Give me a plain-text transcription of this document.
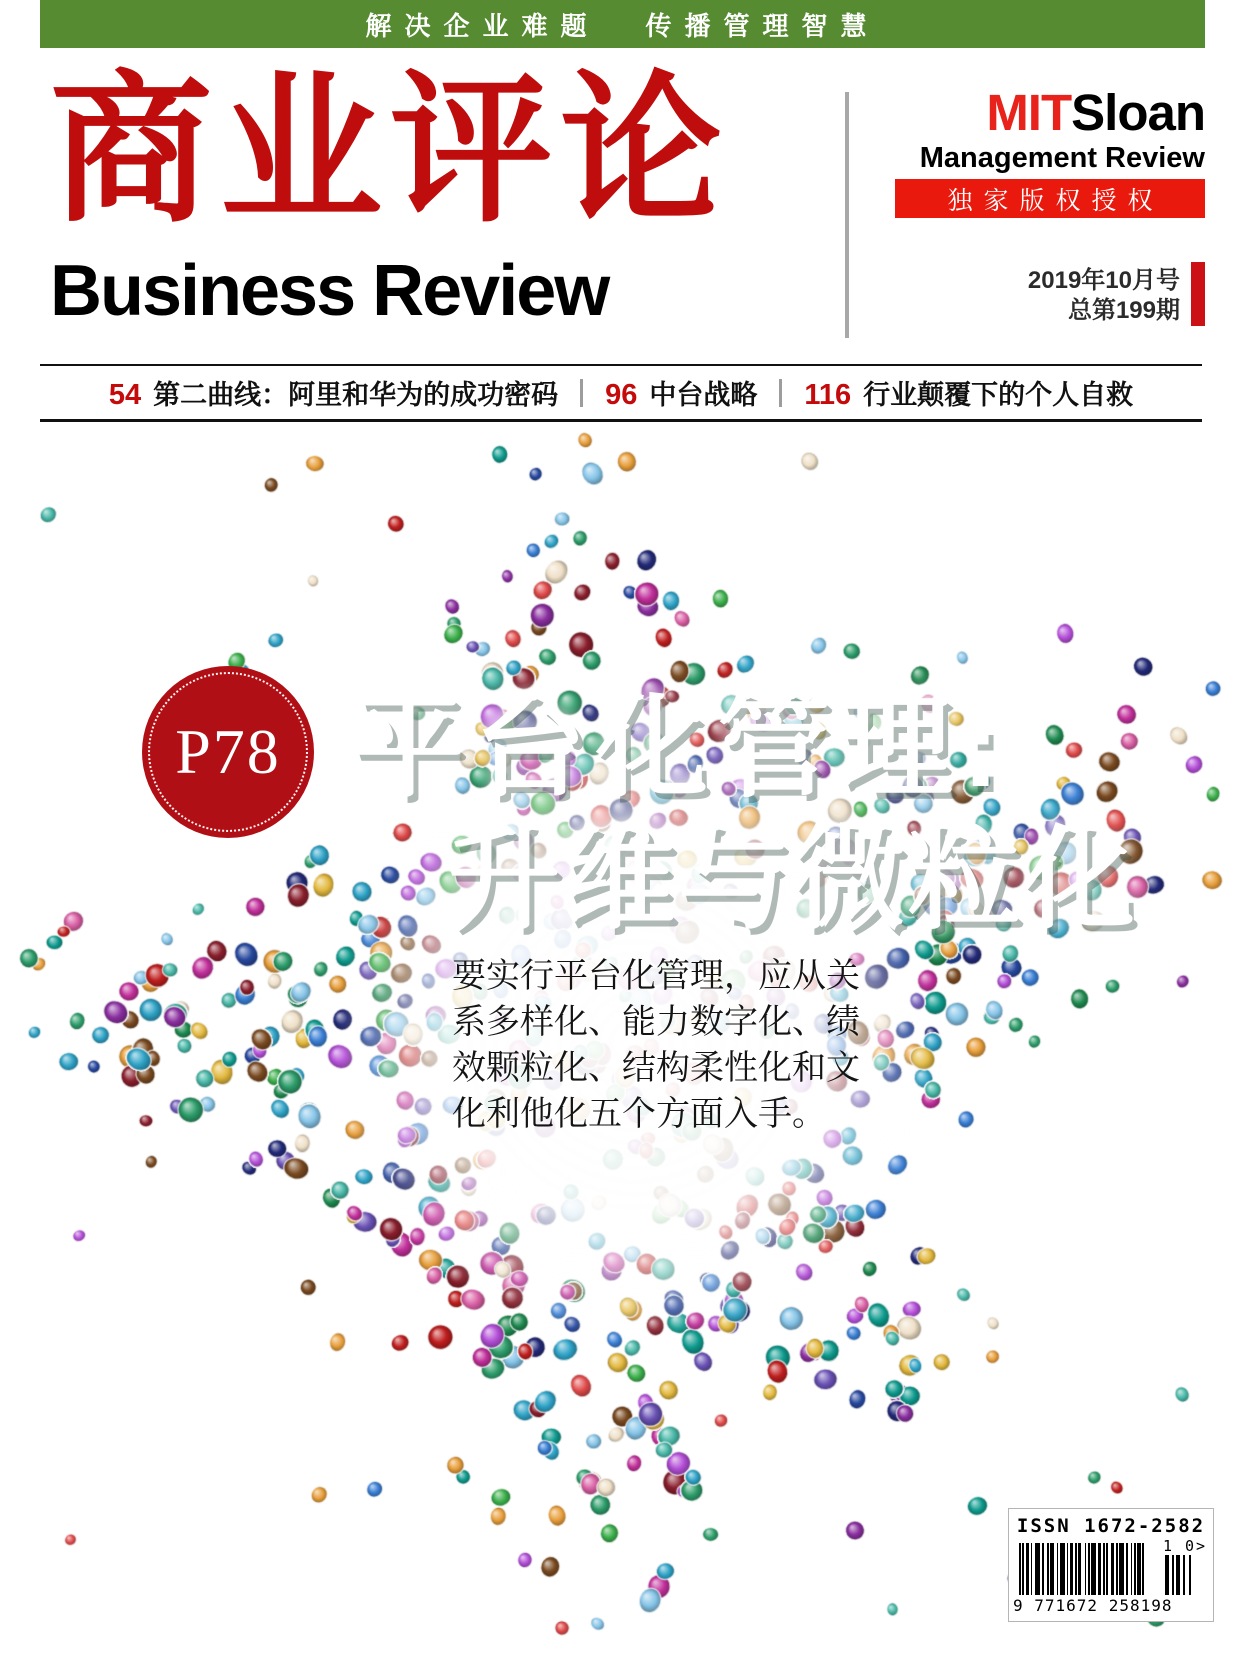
解决企业难题 传播管理智慧
商业评论
Business Review
MITSloan
Management Review
独家版权授权
2019年10月号
总第199期
54 第二曲线：阿里和华为的成功密码 96 中台战略 116 行业颠覆下的个人自救
P78 平台化管理:
升维与微粒化
要实行平台化管理，应从关
系多样化、能力数字化、绩
效颗粒化、结构柔性化和文
化利他化五个方面入手。
ISSN 1672-2582
9 771672 258198
1 0>
